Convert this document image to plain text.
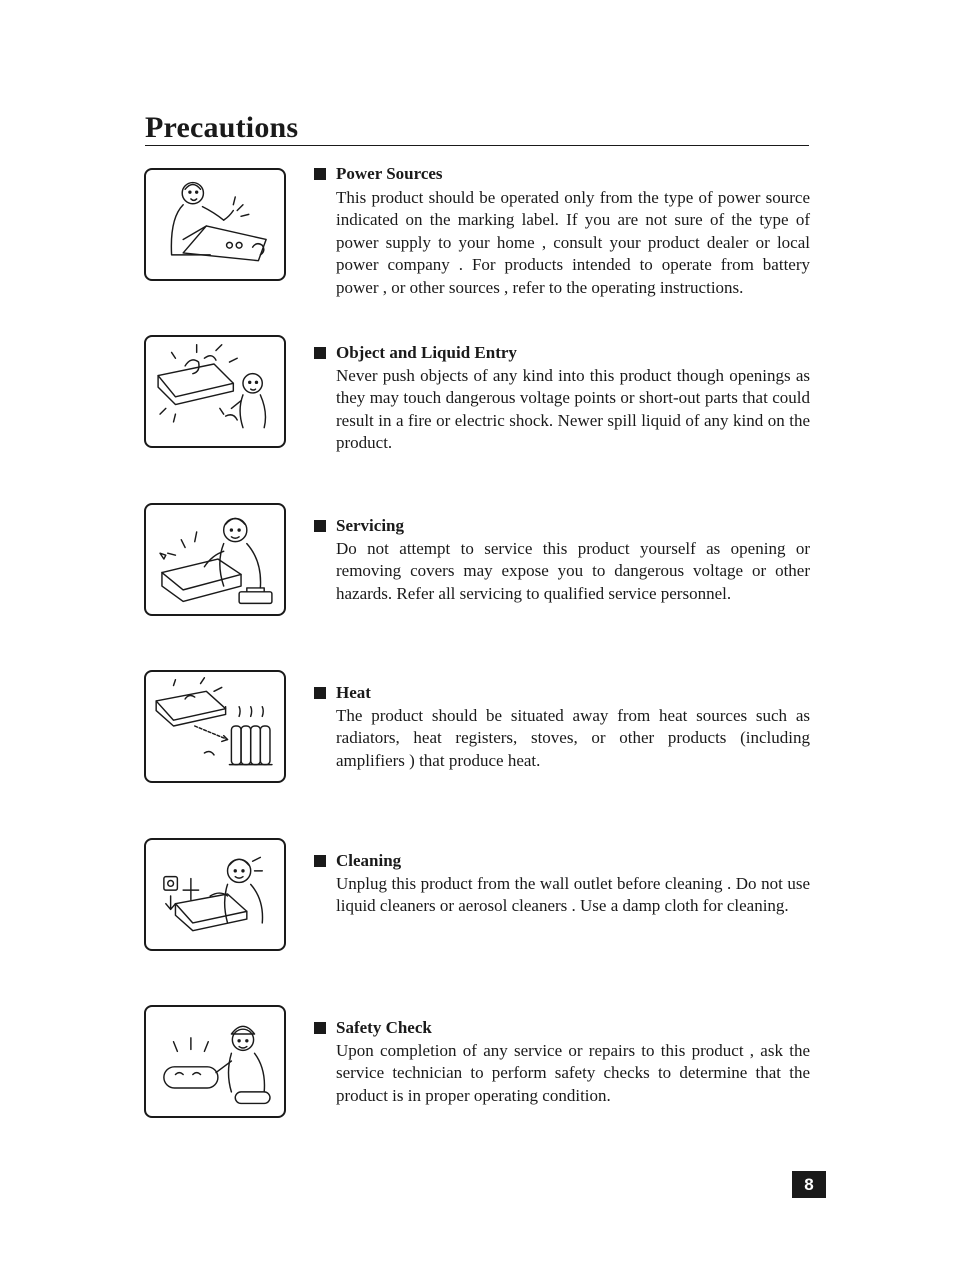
Precautions
Power Sources
This product should be operated only from the type of power source indicated on the marking label. If you are not sure of the type of power supply to your home , consult your product dealer or local power company . For products intended to operate from battery power , or other sources , refer to the operating instructions.
Object and Liquid Entry
Never push objects of any kind into this product though openings as they may touch dangerous voltage points or short-out parts that could result in a fire or electric shock. Newer spill liquid of any kind on the product.
Servicing
Do not attempt to service this product yourself as opening or removing covers may expose you to dangerous voltage or other hazards. Refer all servicing to qualified service personnel.
Heat
The product should be situated away from heat sources such as radiators, heat registers, stoves, or other products (including amplifiers ) that produce heat.
Cleaning
Unplug this product from the wall outlet before cleaning . Do not use liquid cleaners or aerosol cleaners . Use a damp cloth for cleaning.
Safety Check
Upon completion of any service or repairs to this product , ask the service technician to perform safety checks to determine that the product is in proper operating condition.
8
